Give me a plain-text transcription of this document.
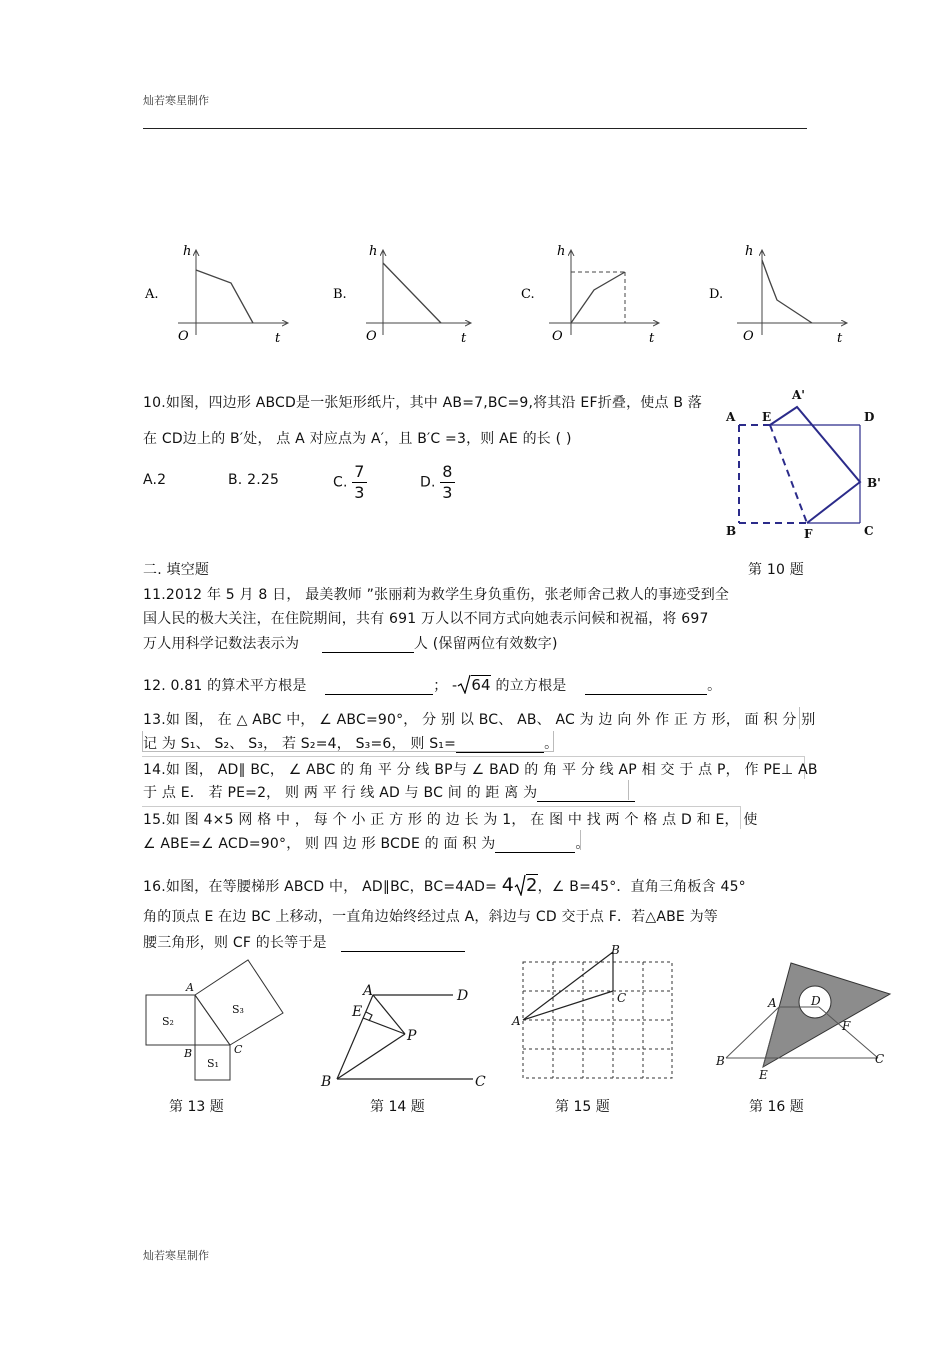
灿若寒星制作
A.
h
O	t
B.
h
O	t
C.
h
O	t
D.
h
O	t
10.如图，四边形 ABCD是一张矩形纸片，其中 AB=7,BC=9,将其沿 EF折叠，使点 B 落
在 CD边上的 B′处， 点 A 对应点为 A′，且 B′C =3，则 AE 的长 ( )
A.2	B. 2.25	C. $\frac{7}{3}$	D. $\frac{8}{3}$
A E	D
A'
B'
B	F	C
二. 填空题	第 10 题
11.2012 年 5 月 8 日， 最美教师 ”张丽莉为救学生身负重伤，张老师舍己救人的事迹受到全
国人民的极大关注，在住院期间，共有 691 万人以不同方式向她表示问候和祝福，将 697
万人用科学记数法表示为	人 (保留两位有效数字)
12. 0.81 的算术平方根是	； - 64 的立方根是	。
13.如 图， 在 △ ABC 中， ∠ ABC=90°， 分 别 以 BC、 AB、 AC 为 边 向 外 作 正 方 形， 面 积 分 别
记 为 S₁、 S₂、 S₃， 若 S₂=4， S₃=6， 则 S₁=	。
14.如 图， AD∥ BC， ∠ ABC 的 角 平 分 线 BP与 ∠ BAD 的 角 平 分 线 AP 相 交 于 点 P， 作 PE⊥ AB
于 点 E． 若 PE=2， 则 两 平 行 线 AD 与 BC 间 的 距 离 为
15.如 图 4×5 网 格 中 ， 每 个 小 正 方 形 的 边 长 为 1， 在 图 中 找 两 个 格 点 D 和 E， 使
∠ ABE=∠ ACD=90°， 则 四 边 形 BCDE 的 面 积 为	。
16.如图，在等腰梯形 ABCD 中， AD∥BC，BC=4AD= 4 2，∠ B=45°．直角三角板含 45°
角的顶点 E 在边 BC 上移动，一直角边始终经过点 A，斜边与 CD 交于点 F．若△ABE 为等
腰三角形，则 CF 的长等于是
S₂
S₁
S₃
A
B	C
第 13 题
A	D
E
P
B	C
第 14 题
A
B
C
第 15 题
A	D
F
B
E
C
第 16 题
灿若寒星制作
